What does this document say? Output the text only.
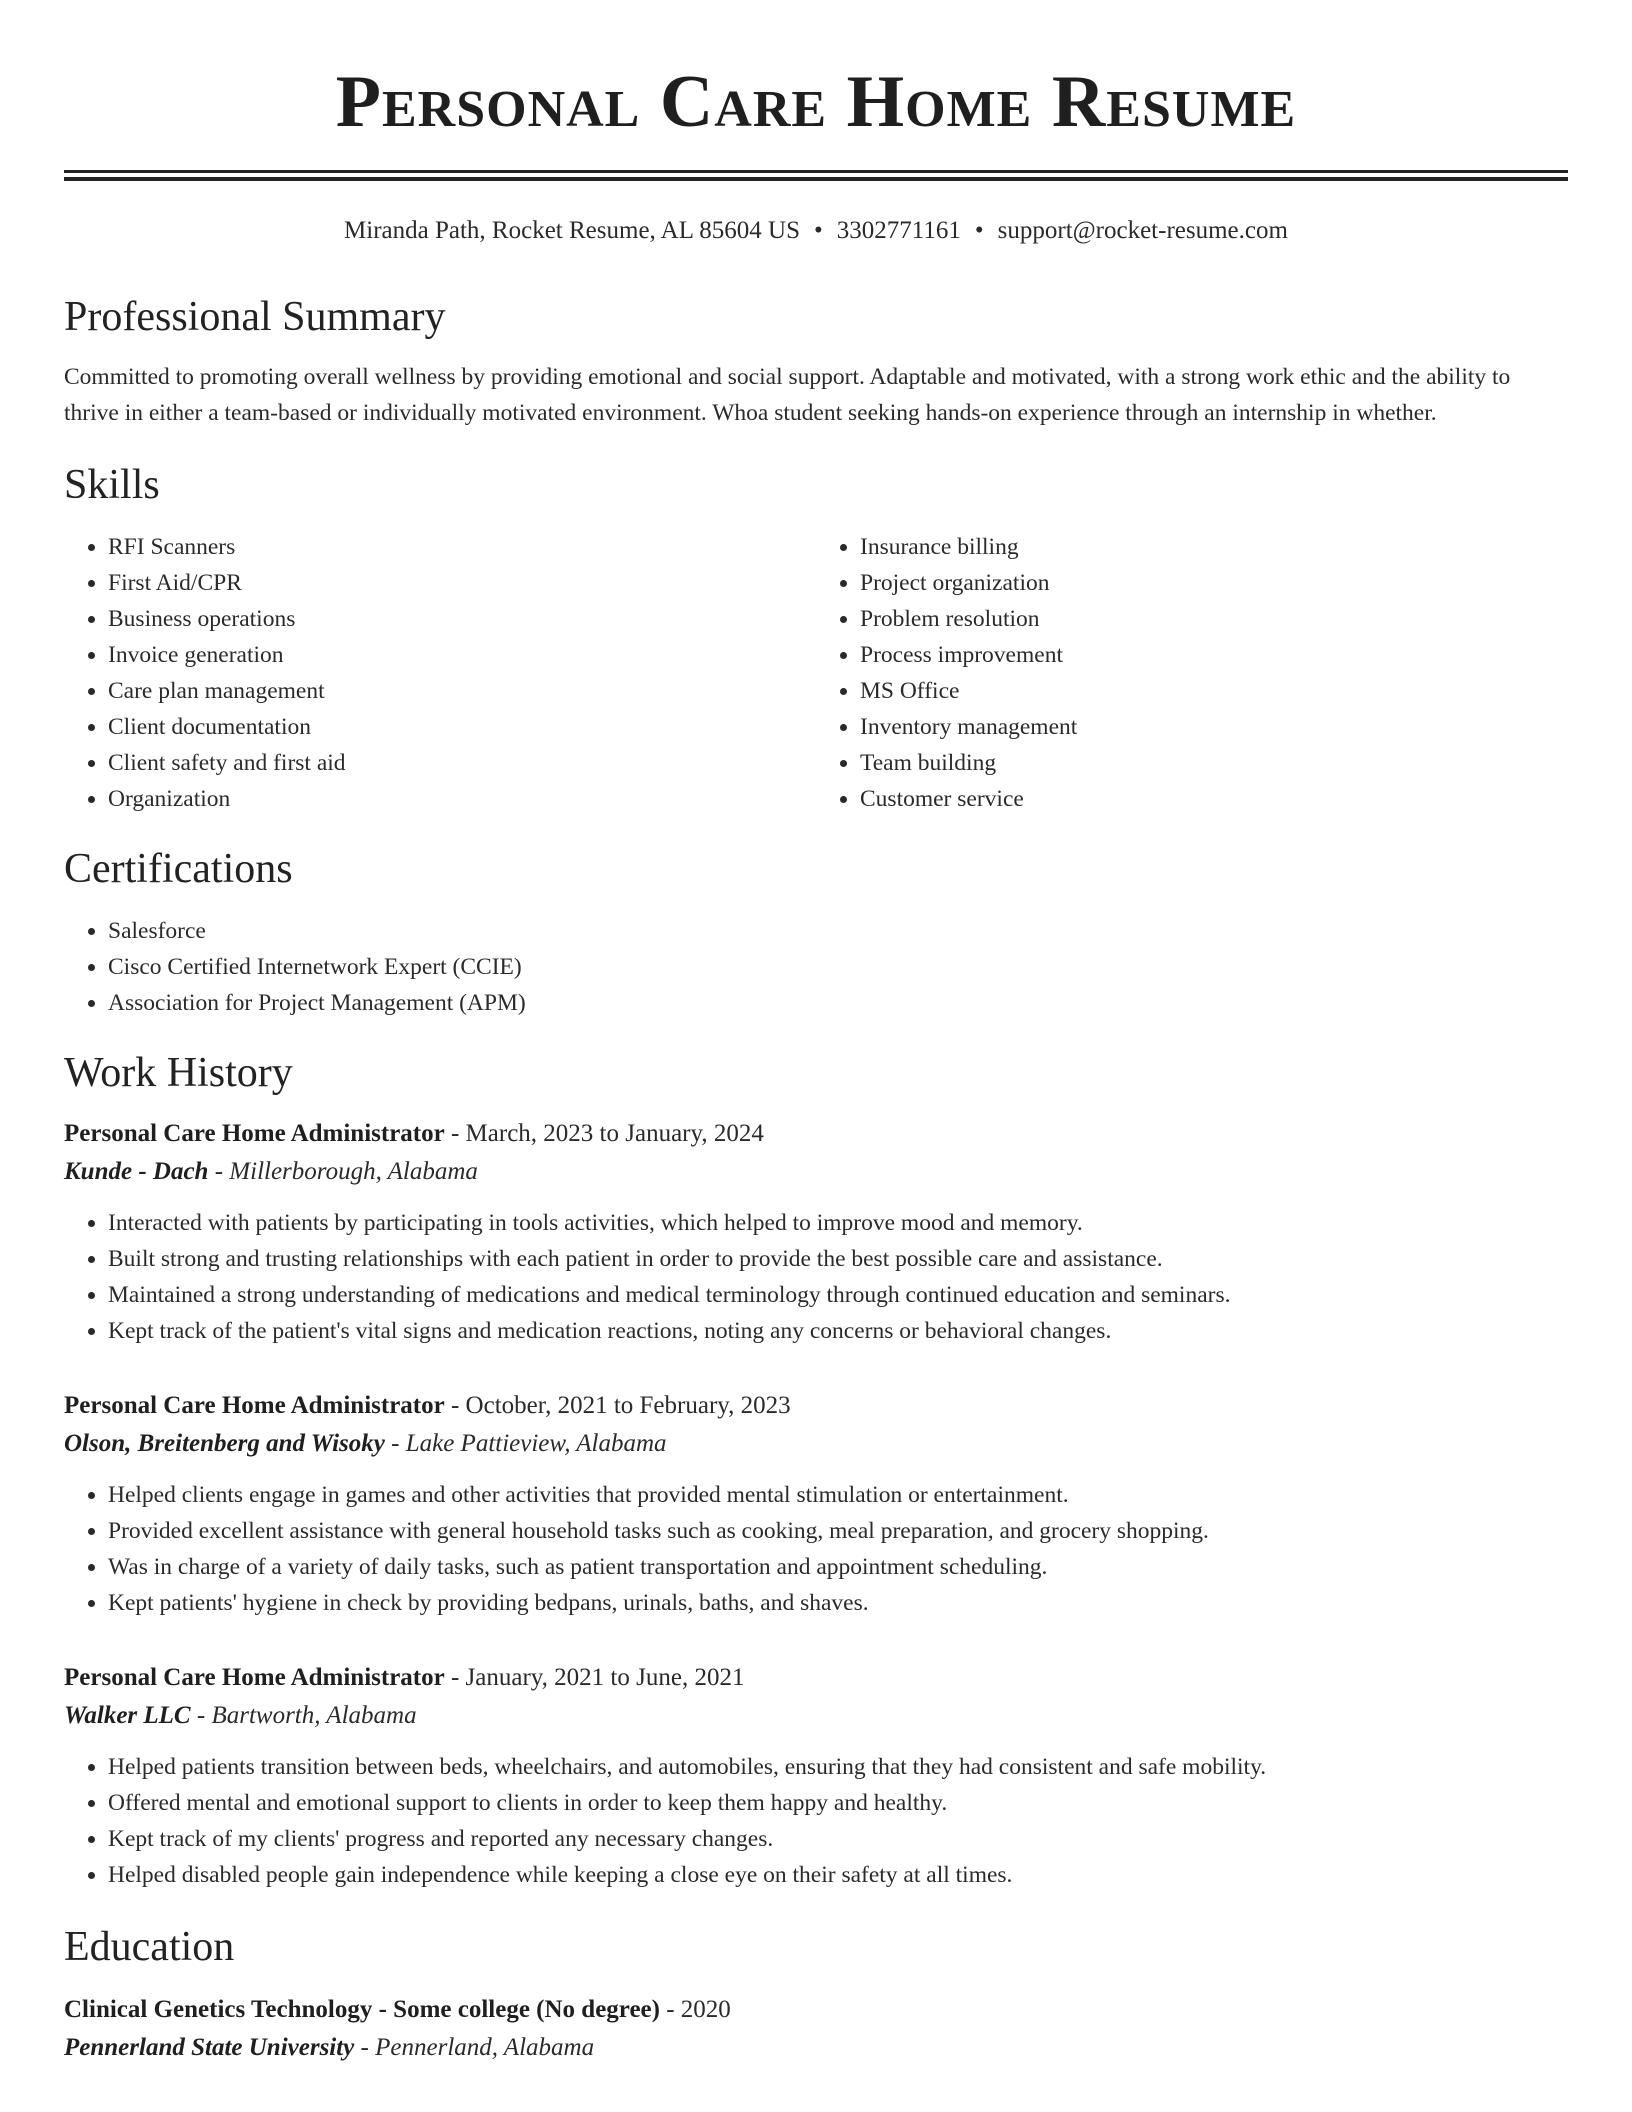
Personal Care Home Resume
Miranda Path, Rocket Resume, AL 85604 US • 3302771161 • support@rocket-resume.com
Professional Summary

Committed to promoting overall wellness by providing emotional and social support. Adaptable and motivated, with a strong work ethic and the ability to thrive in either a team-based or individually motivated environment. Whoa student seeking hands-on experience through an internship in whether.

Skills
• RFI Scanners
• First Aid/CPR
• Business operations
• Invoice generation
• Care plan management
• Client documentation
• Client safety and first aid
• Organization
• Insurance billing
• Project organization
• Problem resolution
• Process improvement
• MS Office
• Inventory management
• Team building
• Customer service
Certifications
• Salesforce
• Cisco Certified Internetwork Expert (CCIE)
• Association for Project Management (APM)
Work History
Personal Care Home Administrator - March, 2023 to January, 2024
Kunde - Dach - Millerborough, Alabama
• Interacted with patients by participating in tools activities, which helped to improve mood and memory.
• Built strong and trusting relationships with each patient in order to provide the best possible care and assistance.
• Maintained a strong understanding of medications and medical terminology through continued education and seminars.
• Kept track of the patient's vital signs and medication reactions, noting any concerns or behavioral changes.
Personal Care Home Administrator - October, 2021 to February, 2023
Olson, Breitenberg and Wisoky - Lake Pattieview, Alabama
• Helped clients engage in games and other activities that provided mental stimulation or entertainment.
• Provided excellent assistance with general household tasks such as cooking, meal preparation, and grocery shopping.
• Was in charge of a variety of daily tasks, such as patient transportation and appointment scheduling.
• Kept patients' hygiene in check by providing bedpans, urinals, baths, and shaves.
Personal Care Home Administrator - January, 2021 to June, 2021
Walker LLC - Bartworth, Alabama
• Helped patients transition between beds, wheelchairs, and automobiles, ensuring that they had consistent and safe mobility.
• Offered mental and emotional support to clients in order to keep them happy and healthy.
• Kept track of my clients' progress and reported any necessary changes.
• Helped disabled people gain independence while keeping a close eye on their safety at all times.
Education
Clinical Genetics Technology - Some college (No degree) - 2020
Pennerland State University - Pennerland, Alabama
